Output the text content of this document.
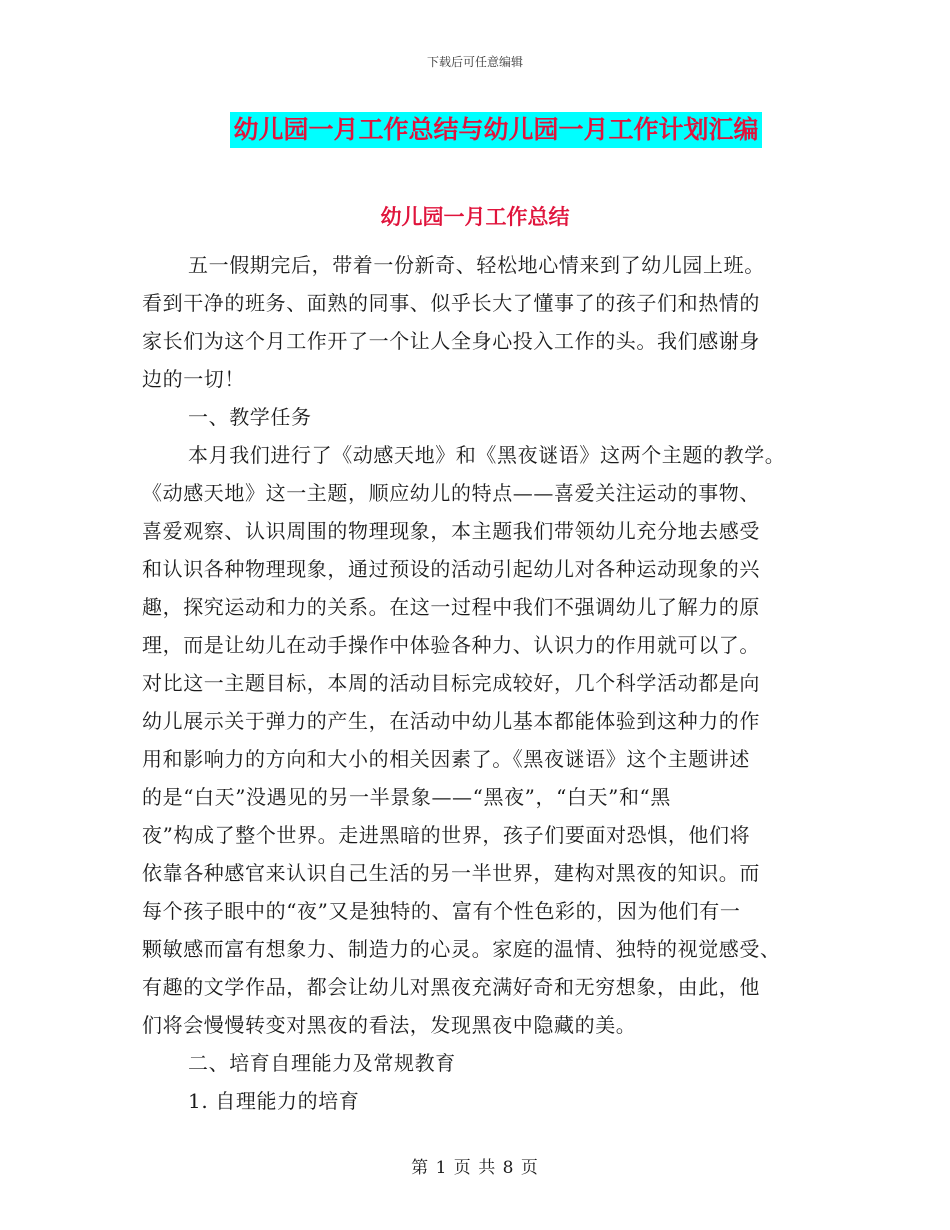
下载后可任意编辑
幼儿园一月工作总结与幼儿园一月工作计划汇编
幼儿园一月工作总结
五一假期完后，带着一份新奇、轻松地心情来到了幼儿园上班。
看到干净的班务、面熟的同事、似乎长大了懂事了的孩子们和热情的
家长们为这个月工作开了一个让人全身心投入工作的头。我们感谢身
边的一切！
一、教学任务
本月我们进行了《动感天地》和《黑夜谜语》这两个主题的教学。
《动感天地》这一主题，顺应幼儿的特点——喜爱关注运动的事物、
喜爱观察、认识周围的物理现象，本主题我们带领幼儿充分地去感受
和认识各种物理现象，通过预设的活动引起幼儿对各种运动现象的兴
趣，探究运动和力的关系。在这一过程中我们不强调幼儿了解力的原
理，而是让幼儿在动手操作中体验各种力、认识力的作用就可以了。
对比这一主题目标，本周的活动目标完成较好，几个科学活动都是向
幼儿展示关于弹力的产生，在活动中幼儿基本都能体验到这种力的作
用和影响力的方向和大小的相关因素了。《黑夜谜语》这个主题讲述
的是“白天”没遇见的另一半景象——“黑夜”，“白天”和“黑
夜”构成了整个世界。走进黑暗的世界，孩子们要面对恐惧，他们将
依靠各种感官来认识自己生活的另一半世界，建构对黑夜的知识。而
每个孩子眼中的“夜”又是独特的、富有个性色彩的，因为他们有一
颗敏感而富有想象力、制造力的心灵。家庭的温情、独特的视觉感受、
有趣的文学作品，都会让幼儿对黑夜充满好奇和无穷想象，由此，他
们将会慢慢转变对黑夜的看法，发现黑夜中隐藏的美。
二、培育自理能力及常规教育
1. 自理能力的培育
第 1 页 共 8 页
